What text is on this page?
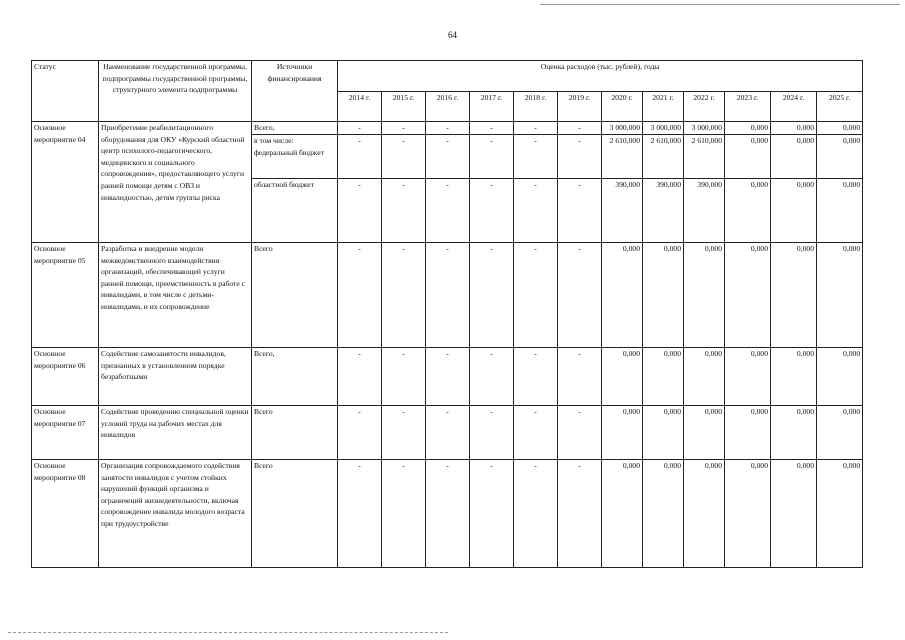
64
Статус	Наименование государственной программы, подпрограммы государственной программы, структурного элемента подпрограммы	Источники финансирования	Оценка расходов (тыс. рублей), годы											
			2014 г.	2015 г.	2016 г.	2017 г.	2018 г.	2019 г.	2020 г.	2021 г.	2022 г.	2023 г.	2024 г.	2025 г.

Основное
мероприятие 04	Приобретение реабилитационного оборудования для ОКУ «Курский областной центр психолого-педагогического, медицинского и социального сопровождения», предоставляющего услуги ранней помощи детям с ОВЗ и инвалидностью, детям группы риска	Всего,	-	-	-	-	-	-	3 000,000	3 000,000	3 000,000	0,000	0,000	0,000
		в том числе: федеральный бюджет	-	-	-	-	-	-	2 610,000	2 610,000	2 610,000	0,000	0,000	0,000
		областной бюджет	-	-	-	-	-	-	390,000	390,000	390,000	0,000	0,000	0,000

Основное
мероприятие 05	Разработка и внедрение модели межведомственного взаимодействия организаций, обеспечивающей услуги ранней помощи, преемственность в работе с инвалидами, в том числе с детьми-инвалидами, и их сопровождение	Всего	-	-	-	-	-	-	0,000	0,000	0,000	0,000	0,000	0,000

Основное
мероприятие 06	Содействие самозанятости инвалидов, признанных в установленном порядке безработными	Всего,	-	-	-	-	-	-	0,000	0,000	0,000	0,000	0,000	0,000

Основное
мероприятие 07	Содействие проведению специальной оценки условий труда на рабочих местах для инвалидов	Всего	-	-	-	-	-	-	0,000	0,000	0,000	0,000	0,000	0,000

Основное
мероприятие 08	Организация сопровождаемого содействия занятости инвалидов с учетом стойких нарушений функций организма и ограничений жизнедеятельности, включая сопровождение инвалида молодого возраста при трудоустройстве	Всего	-	-	-	-	-	-	0,000	0,000	0,000	0,000	0,000	0,000
